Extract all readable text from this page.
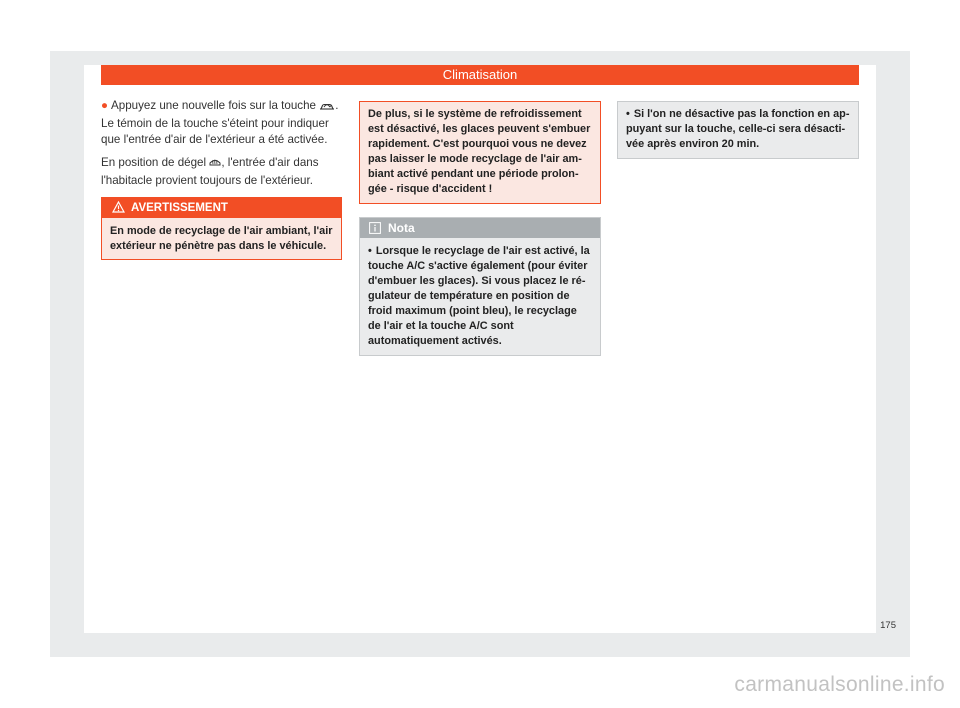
Climatisation

● Appuyez une nouvelle fois sur la touche . Le témoin de la touche s'éteint pour indiquer que l'entrée d'air de l'extérieur a été activée.

En position de dégel , l'entrée d'air dans l'habitacle provient toujours de l'extérieur.

AVERTISSEMENT
En mode de recyclage de l'air ambiant, l'air extérieur ne pénètre pas dans le véhicule.
De plus, si le système de refroidissement est désactivé, les glaces peuvent s'embuer rapidement. C'est pourquoi vous ne devez pas laisser le mode recyclage de l'air am-biant activé pendant une période prolon-gée - risque d'accident !
Nota
• Lorsque le recyclage de l'air est activé, la touche A/C s'active également (pour éviter d'embuer les glaces). Si vous placez le ré-gulateur de température en position de froid maximum (point bleu), le recyclage de l'air et la touche A/C sont automatiquement activés.
• Si l'on ne désactive pas la fonction en ap-puyant sur la touche, celle-ci sera désacti-vée après environ 20 min.
175
carmanualsonline.info
